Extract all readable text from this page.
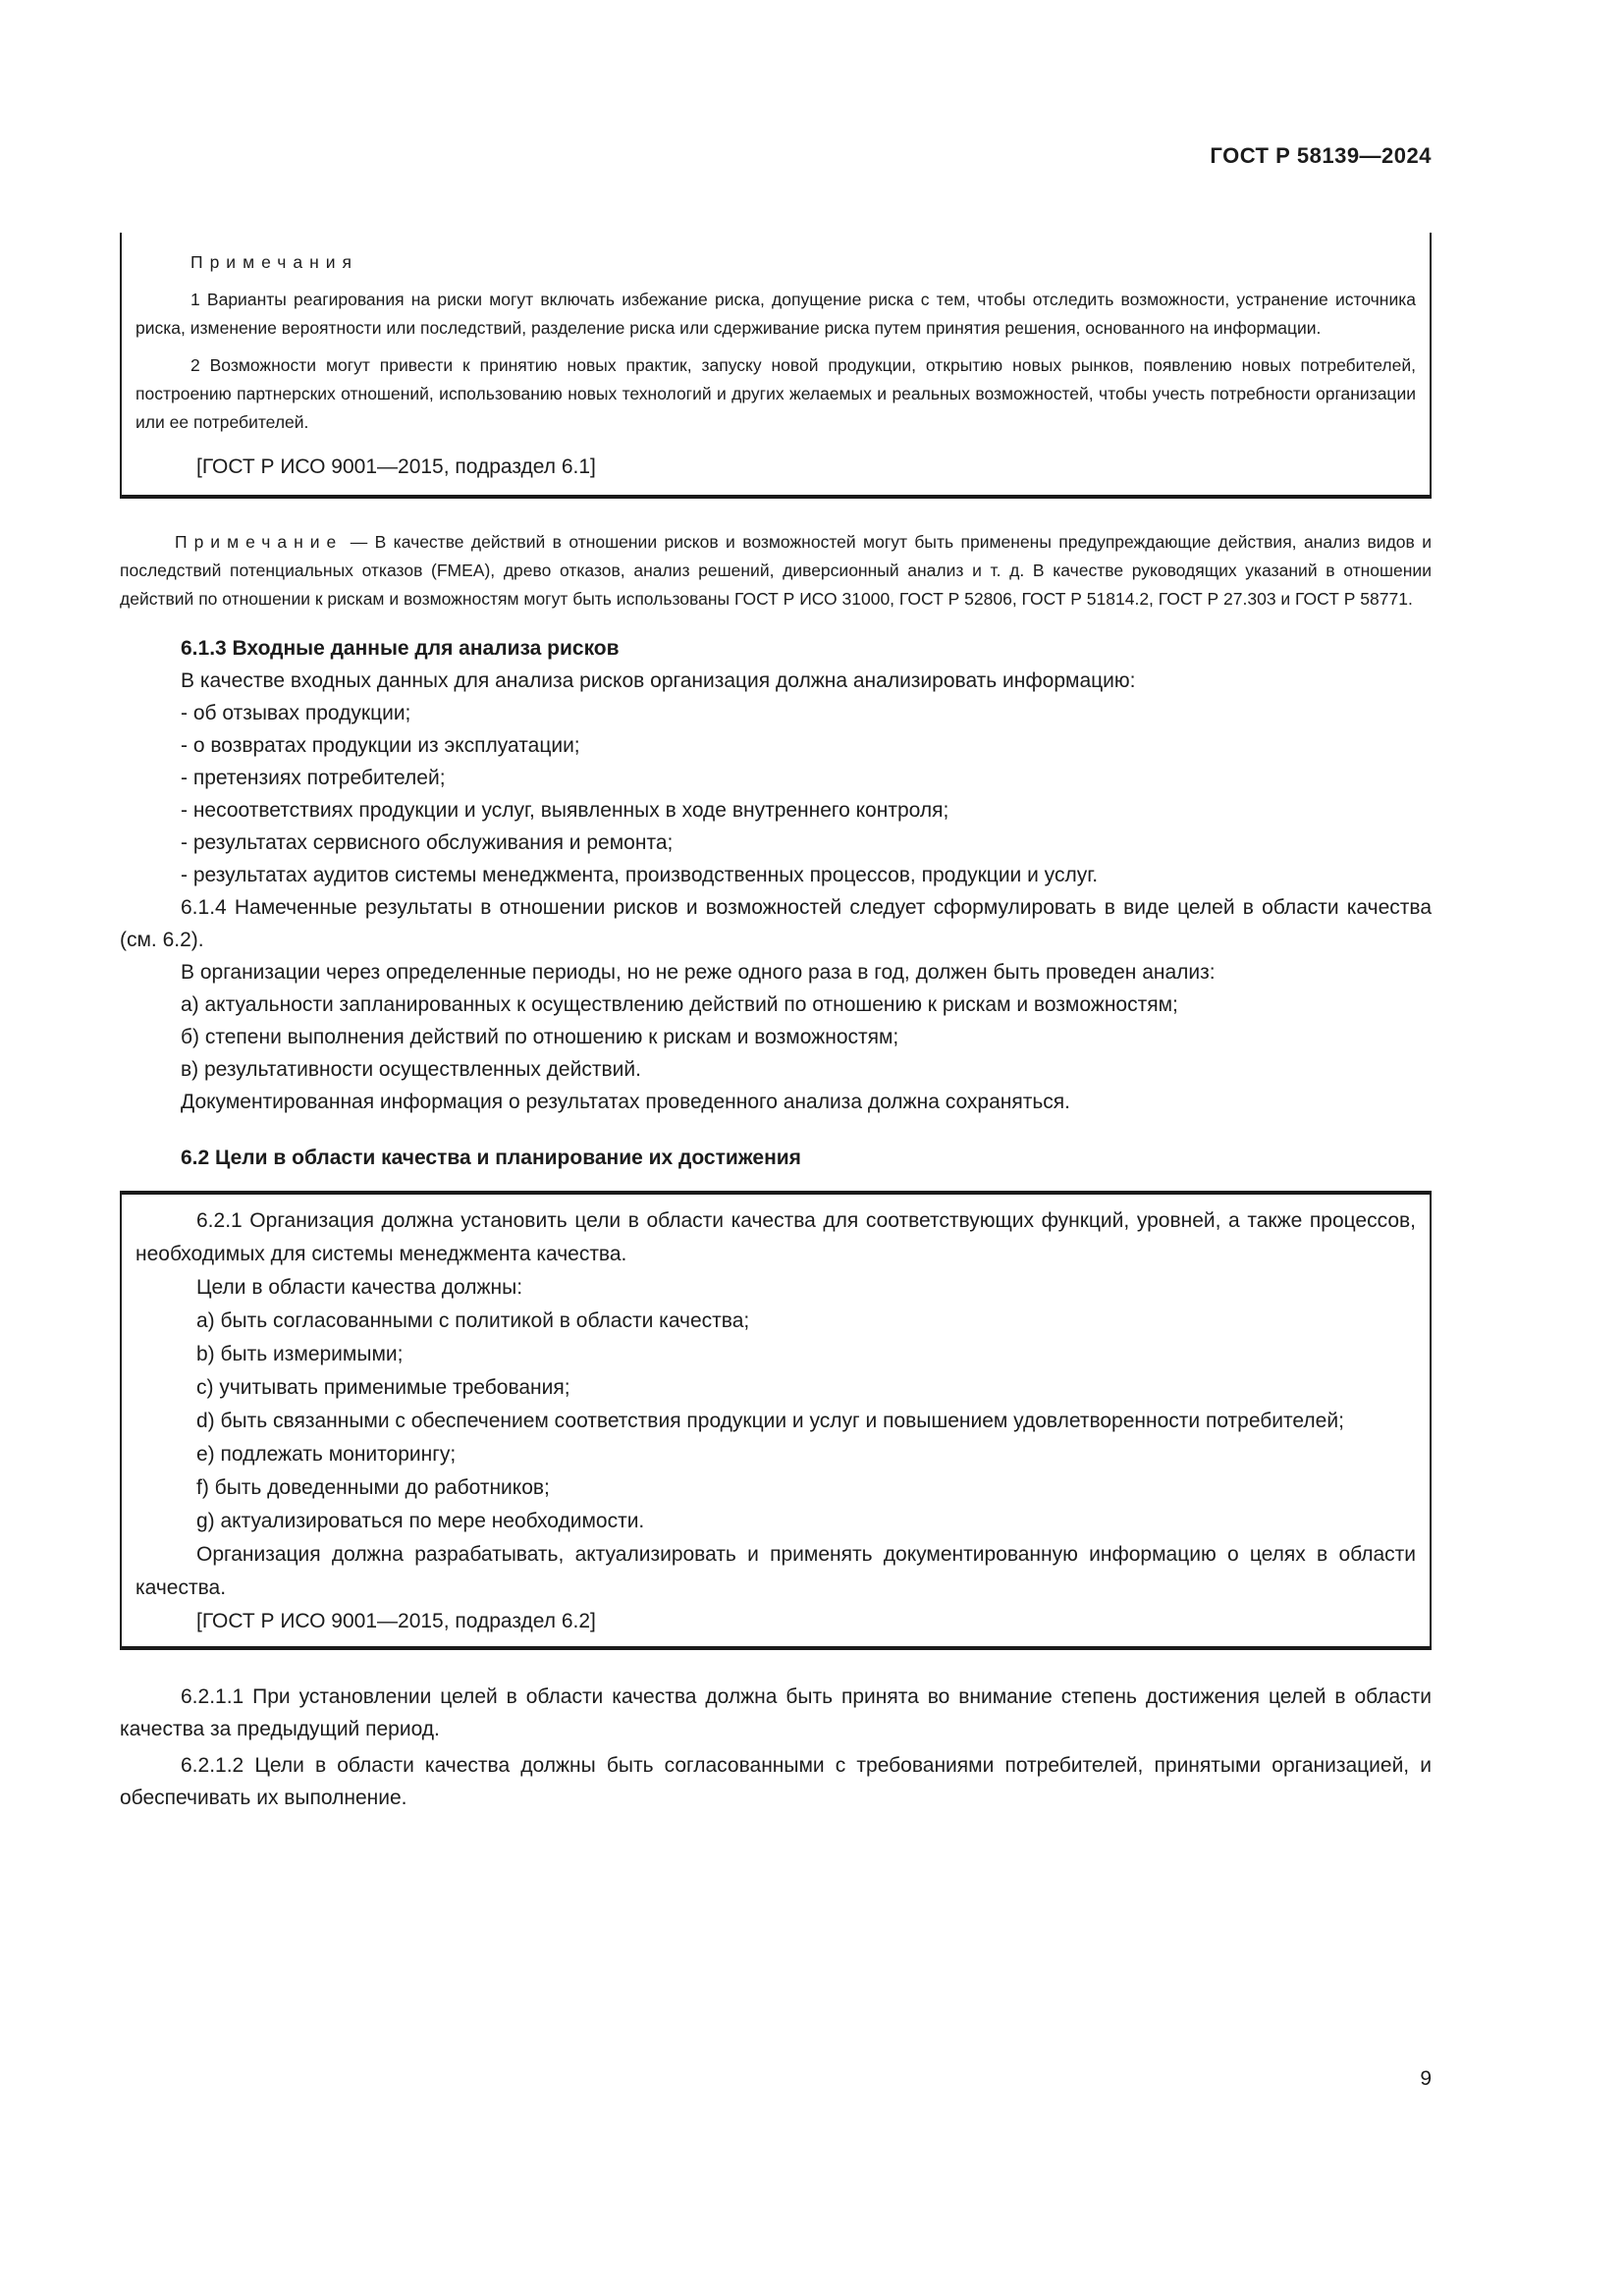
ГОСТ Р 58139—2024

Примечания

1 Варианты реагирования на риски могут включать избежание риска, допущение риска с тем, чтобы отследить возможности, устранение источника риска, изменение вероятности или последствий, разделение риска или сдерживание риска путем принятия решения, основанного на информации.

2 Возможности могут привести к принятию новых практик, запуску новой продукции, открытию новых рынков, появлению новых потребителей, построению партнерских отношений, использованию новых технологий и других желаемых и реальных возможностей, чтобы учесть потребности организации или ее потребителей.

[ГОСТ Р ИСО 9001—2015, подраздел 6.1]

Примечание — В качестве действий в отношении рисков и возможностей могут быть применены предупреждающие действия, анализ видов и последствий потенциальных отказов (FMEA), древо отказов, анализ решений, диверсионный анализ и т. д. В качестве руководящих указаний в отношении действий по отношении к рискам и возможностям могут быть использованы ГОСТ Р ИСО 31000, ГОСТ Р 52806, ГОСТ Р 51814.2, ГОСТ Р 27.303 и ГОСТ Р 58771.

6.1.3 Входные данные для анализа рисков

В качестве входных данных для анализа рисков организация должна анализировать информацию:

- об отзывах продукции;

- о возвратах продукции из эксплуатации;

- претензиях потребителей;

- несоответствиях продукции и услуг, выявленных в ходе внутреннего контроля;

- результатах сервисного обслуживания и ремонта;

- результатах аудитов системы менеджмента, производственных процессов, продукции и услуг.

6.1.4 Намеченные результаты в отношении рисков и возможностей следует сформулировать в виде целей в области качества (см. 6.2).

В организации через определенные периоды, но не реже одного раза в год, должен быть проведен анализ:

а) актуальности запланированных к осуществлению действий по отношению к рискам и возможностям;

б) степени выполнения действий по отношению к рискам и возможностям;

в) результативности осуществленных действий.

Документированная информация о результатах проведенного анализа должна сохраняться.

6.2 Цели в области качества и планирование их достижения

6.2.1 Организация должна установить цели в области качества для соответствующих функций, уровней, а также процессов, необходимых для системы менеджмента качества.

Цели в области качества должны:

а) быть согласованными с политикой в области качества;

b) быть измеримыми;

c) учитывать применимые требования;

d) быть связанными с обеспечением соответствия продукции и услуг и повышением удовлетворенности потребителей;

e) подлежать мониторингу;

f) быть доведенными до работников;

g) актуализироваться по мере необходимости.

Организация должна разрабатывать, актуализировать и применять документированную информацию о целях в области качества.

[ГОСТ Р ИСО 9001—2015, подраздел 6.2]

6.2.1.1 При установлении целей в области качества должна быть принята во внимание степень достижения целей в области качества за предыдущий период.

6.2.1.2 Цели в области качества должны быть согласованными с требованиями потребителей, принятыми организацией, и обеспечивать их выполнение.

9
